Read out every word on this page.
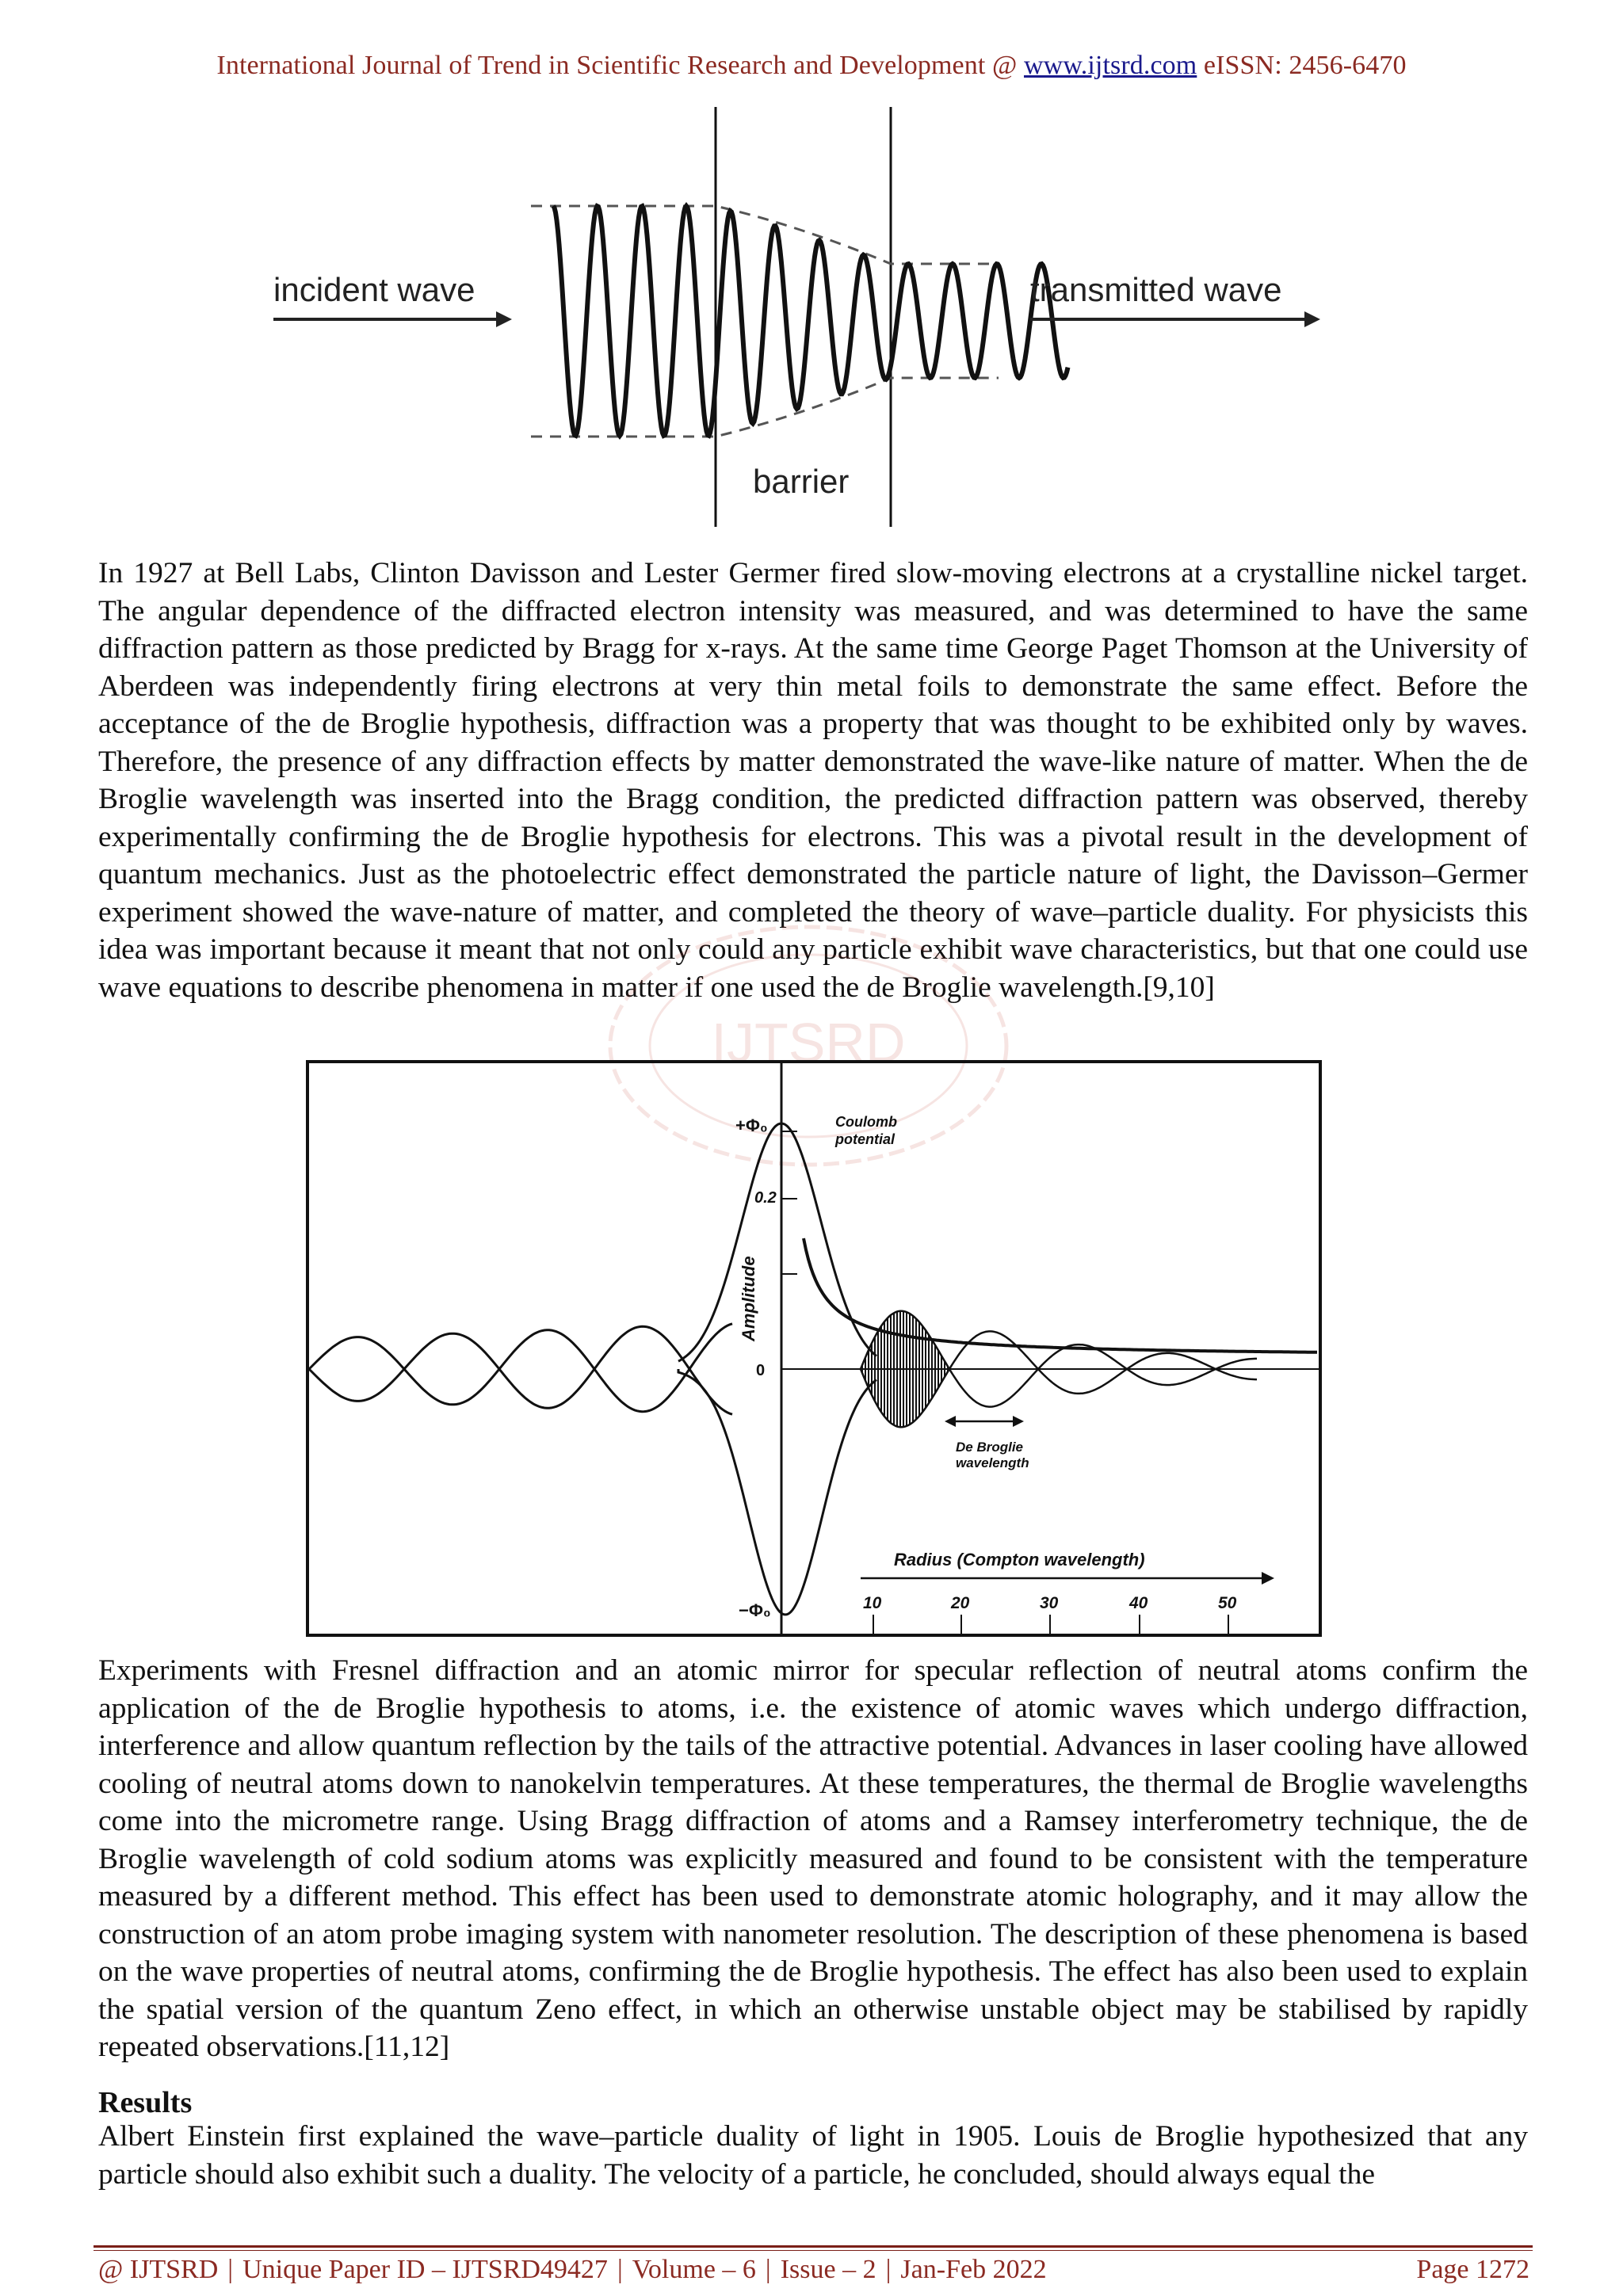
International Journal of Trend in Scientific Research and Development @ www.ijtsrd.com eISSN: 2456-6470
incident wave	transmitted wave
barrier
In 1927 at Bell Labs, Clinton Davisson and Lester Germer fired slow-moving electrons at a crystalline nickel target. The angular dependence of the diffracted electron intensity was measured, and was determined to have the same diffraction pattern as those predicted by Bragg for x-rays. At the same time George Paget Thomson at the University of Aberdeen was independently firing electrons at very thin metal foils to demonstrate the same effect. Before the acceptance of the de Broglie hypothesis, diffraction was a property that was thought to be exhibited only by waves. Therefore, the presence of any diffraction effects by matter demonstrated the wave-like nature of matter. When the de Broglie wavelength was inserted into the Bragg condition, the predicted diffraction pattern was observed, thereby experimentally confirming the de Broglie hypothesis for electrons. This was a pivotal result in the development of quantum mechanics. Just as the photoelectric effect demonstrated the particle nature of light, the Davisson–Germer experiment showed the wave-nature of matter, and completed the theory of wave–particle duality. For physicists this idea was important because it meant that not only could any particle exhibit wave characteristics, but that one could use wave equations to describe phenomena in matter if one used the de Broglie wavelength.[9,10]
IJTSRD
+Φ₀
−Φ₀
0.2
0
Amplitude
Coulomb
potential
De Broglie
wavelength
Radius (Compton wavelength)
10	20	30	40	50
Experiments with Fresnel diffraction and an atomic mirror for specular reflection of neutral atoms confirm the application of the de Broglie hypothesis to atoms, i.e. the existence of atomic waves which undergo diffraction, interference and allow quantum reflection by the tails of the attractive potential. Advances in laser cooling have allowed cooling of neutral atoms down to nanokelvin temperatures. At these temperatures, the thermal de Broglie wavelengths come into the micrometre range. Using Bragg diffraction of atoms and a Ramsey interferometry technique, the de Broglie wavelength of cold sodium atoms was explicitly measured and found to be consistent with the temperature measured by a different method. This effect has been used to demonstrate atomic holography, and it may allow the construction of an atom probe imaging system with nanometer resolution. The description of these phenomena is based on the wave properties of neutral atoms, confirming the de Broglie hypothesis. The effect has also been used to explain the spatial version of the quantum Zeno effect, in which an otherwise unstable object may be stabilised by rapidly repeated observations.[11,12]
Results
Albert Einstein first explained the wave–particle duality of light in 1905. Louis de Broglie hypothesized that any particle should also exhibit such a duality. The velocity of a particle, he concluded, should always equal the
@ IJTSRD | Unique Paper ID – IJTSRD49427 | Volume – 6 | Issue – 2 | Jan-Feb 2022	Page 1272
